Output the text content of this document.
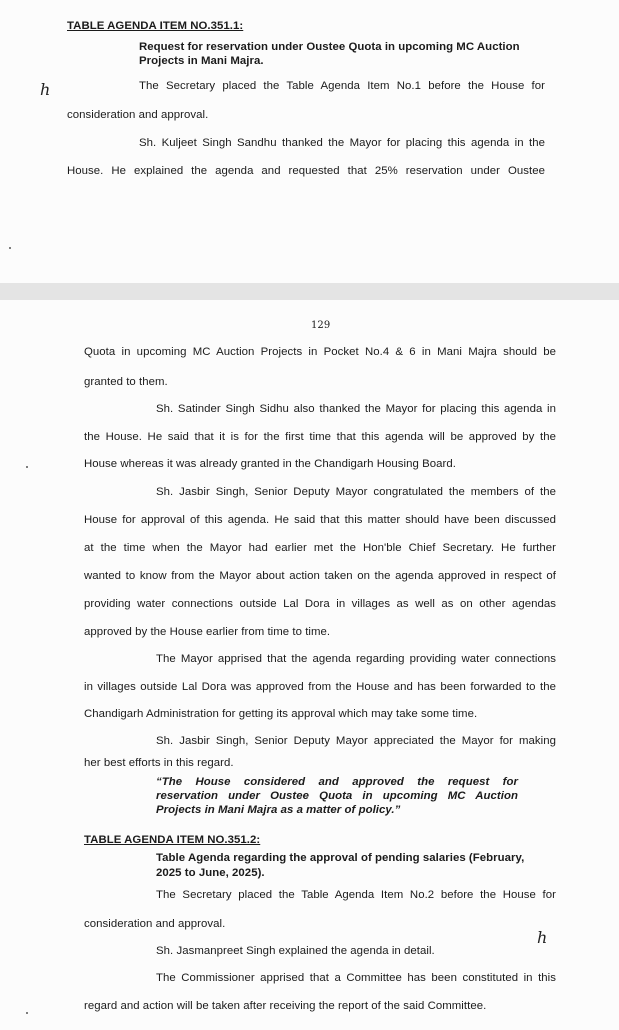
TABLE AGENDA ITEM NO.351.1:
Request for reservation under Oustee Quota in upcoming MC Auction
Projects in Mani Majra.
h	The Secretary placed the Table Agenda Item No.1 before the House for
consideration and approval.
Sh. Kuljeet Singh Sandhu thanked the Mayor for placing this agenda in the
House. He explained the agenda and requested that 25% reservation under Oustee
129
Quota in upcoming MC Auction Projects in Pocket No.4 & 6 in Mani Majra should be
granted to them.
Sh. Satinder Singh Sidhu also thanked the Mayor for placing this agenda in
the House. He said that it is for the first time that this agenda will be approved by the
House whereas it was already granted in the Chandigarh Housing Board.
Sh. Jasbir Singh, Senior Deputy Mayor congratulated the members of the
House for approval of this agenda. He said that this matter should have been discussed
at the time when the Mayor had earlier met the Hon'ble Chief Secretary. He further
wanted to know from the Mayor about action taken on the agenda approved in respect of
providing water connections outside Lal Dora in villages as well as on other agendas
approved by the House earlier from time to time.
The Mayor apprised that the agenda regarding providing water connections
in villages outside Lal Dora was approved from the House and has been forwarded to the
Chandigarh Administration for getting its approval which may take some time.
Sh. Jasbir Singh, Senior Deputy Mayor appreciated the Mayor for making
her best efforts in this regard.
“The House considered and approved the request for
reservation under Oustee Quota in upcoming MC Auction
Projects in Mani Majra as a matter of policy.”
TABLE AGENDA ITEM NO.351.2:
Table Agenda regarding the approval of pending salaries (February,
2025 to June, 2025).
The Secretary placed the Table Agenda Item No.2 before the House for
consideration and approval.
Sh. Jasmanpreet Singh explained the agenda in detail.
h
The Commissioner apprised that a Committee has been constituted in this
regard and action will be taken after receiving the report of the said Committee.
